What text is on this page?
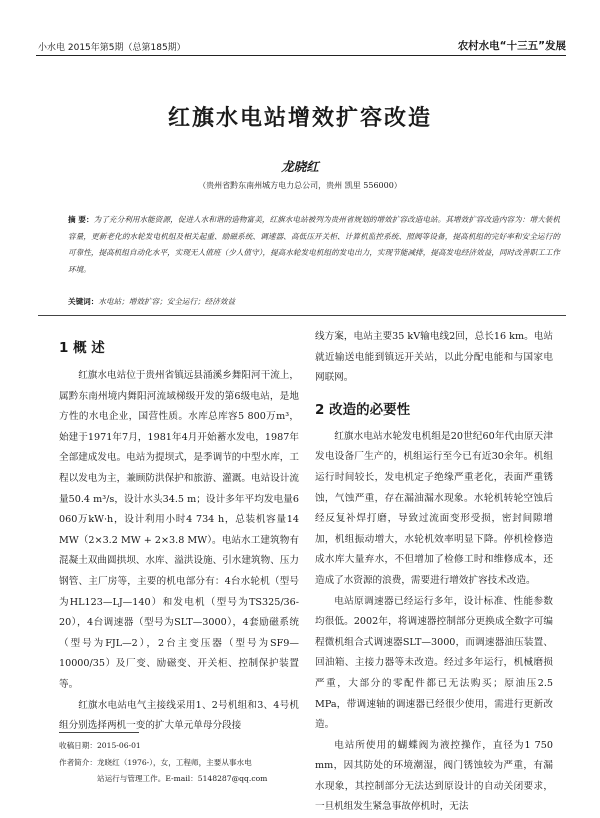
小水电 2015年第5期（总第185期）	农村水电“十三五”发展
红旗水电站增效扩容改造
龙晓红
（贵州省黔东南州城方电力总公司，贵州 凯里 556000）
摘 要：为了充分利用水能资源，促进人水和谐的造物富美，红旗水电站被列为贵州省规划的增效扩容改造电站。其增效扩容改造内容为：增大装机容量，更新老化的水轮发电机组及相关起重、励磁系统、调速器、高低压开关柜、计算机监控系统、照阀等设备，提高机组的完好率和安全运行的可靠性，提高机组自动化水平，实现无人值班（少人值守），提高水轮发电机组的发电出力，实现节能减排，提高发电经济效益，同时改善职工工作环境。
关键词：水电站；增效扩容；安全运行；经济效益
1 概 述

红旗水电站位于贵州省镇远县涌溪乡舞阳河干流上，属黔东南州境内舞阳河流域梯级开发的第6级电站，是地方性的水电企业，国营性质。水库总库容5 800万m³，始建于1971年7月，1981年4月开始蓄水发电，1987年全部建成发电。电站为提坝式，是季调节的中型水库，工程以发电为主，兼顾防洪保护和旅游、灌溉。电站设计流量50.4 m³/s，设计水头34.5 m；设计多年平均发电量6 060万kW·h，设计利用小时4 734 h，总装机容量14 MW（2×3.2 MW + 2×3.8 MW）。电站水工建筑物有混凝土双曲圆拱坝、水库、溢洪设施、引水建筑物、压力钢管、主厂房等，主要的机电部分有：4台水轮机（型号为HL123—LJ—140）和发电机（型号为TS325/36-20），4台调速器（型号为SLT—3000），4套励磁系统（型号为FJL—2），2台主变压器（型号为SF9—10000/35）及厂变、励磁变、开关柜、控制保护装置等。

红旗水电站电气主接线采用1、2号机组和3、4号机组分别选择两机一变的扩大单元单母分段接

线方案，电站主要35 kV输电线2回，总长16 km。电站就近输送电能到镇远开关站，以此分配电能和与国家电网联网。

2 改造的必要性

红旗水电站水轮发电机组是20世纪60年代由原天津发电设备厂生产的，机组运行至今已有近30余年。机组运行时间较长，发电机定子绝缘严重老化，表面严重锈蚀，气蚀严重，存在漏油漏水现象。水轮机转轮空蚀后经反复补焊打磨，导致过流面变形受损，密封间隙增加，机组振动增大，水轮机效率明显下降。停机检修造成水库大量弃水，不但增加了检修工时和维修成本，还造成了水资源的浪费，需要进行增效扩容技术改造。

电站原调速器已经运行多年，设计标准、性能参数均很低。2002年，将调速器控制部分更换成全数字可编程微机组合式调速器SLT—3000，而调速器油压装置、回油箱、主接力器等未改造。经过多年运行，机械磨损严重，大部分的零配件都已无法购买；原油压2.5 MPa，带调速轴的调速器已经很少使用，需进行更新改造。

电站所使用的蝴蝶阀为液控操作，直径为1 750 mm，因其防处的环境潮湿，阀门锈蚀较为严重，有漏水现象，其控制部分无法达到原设计的自动关闭要求，一旦机组发生紧急事故停机时，无法

收稿日期：2015-06-01
作者简介：龙晓红（1976-），女，工程师，主要从事水电
站运行与管理工作。E-mail：5148287@qq.com
